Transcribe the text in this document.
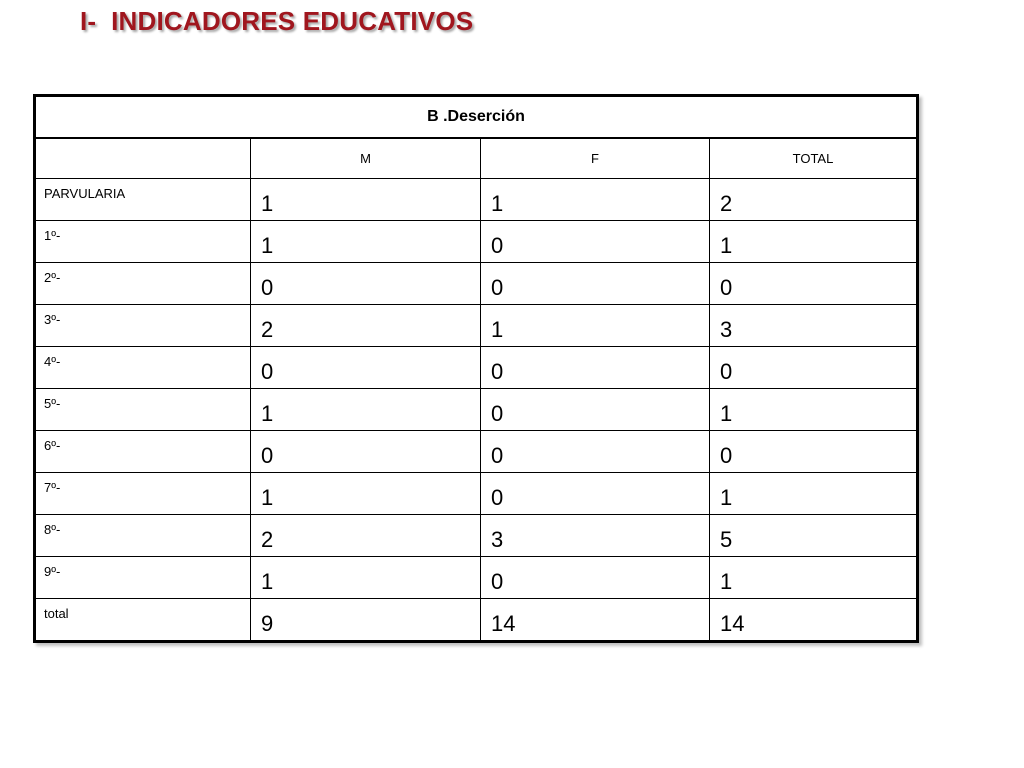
I-  INDICADORES EDUCATIVOS
B .Deserción			
	M	F	TOTAL
PARVULARIA	1	1	2
1º-	1	0	1
2º-	0	0	0
3º-	2	1	3
4º-	0	0	0
5º-	1	0	1
6º-	0	0	0
7º-	1	0	1
8º-	2	3	5
9º-	1	0	1
total	9	14	14
